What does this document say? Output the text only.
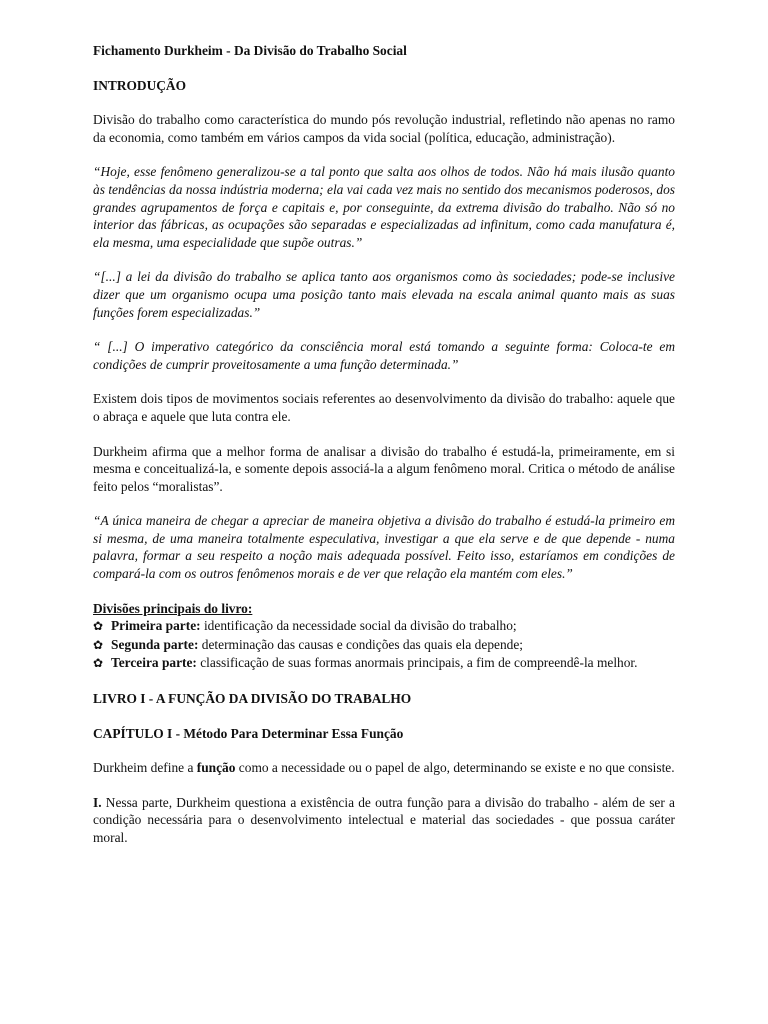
Fichamento Durkheim - Da Divisão do Trabalho Social
INTRODUÇÃO

Divisão do trabalho como característica do mundo pós revolução industrial, refletindo não apenas no ramo da economia, como também em vários campos da vida social (política, educação, administração).

“Hoje, esse fenômeno generalizou-se a tal ponto que salta aos olhos de todos. Não há mais ilusão quanto às tendências da nossa indústria moderna; ela vai cada vez mais no sentido dos mecanismos poderosos, dos grandes agrupamentos de força e capitais e, por conseguinte, da extrema divisão do trabalho. Não só no interior das fábricas, as ocupações são separadas e especializadas ad infinitum, como cada manufatura é, ela mesma, uma especialidade que supõe outras.”

“[...] a lei da divisão do trabalho se aplica tanto aos organismos como às sociedades; pode-se inclusive dizer que um organismo ocupa uma posição tanto mais elevada na escala animal quanto mais as suas funções forem especializadas.”

“ [...] O imperativo categórico da consciência moral está tomando a seguinte forma: Coloca-te em condições de cumprir proveitosamente a uma função determinada.”

Existem dois tipos de movimentos sociais referentes ao desenvolvimento da divisão do trabalho: aquele que o abraça e aquele que luta contra ele.

Durkheim afirma que a melhor forma de analisar a divisão do trabalho é estudá-la, primeiramente, em si mesma e conceitualizá-la, e somente depois associá-la a algum fenômeno moral. Critica o método de análise feito pelos “moralistas”.

“A única maneira de chegar a apreciar de maneira objetiva a divisão do trabalho é estudá-la primeiro em si mesma, de uma maneira totalmente especulativa, investigar a que ela serve e de que depende - numa palavra, formar a seu respeito a noção mais adequada possível. Feito isso, estaríamos em condições de compará-la com os outros fenômenos morais e de ver que relação ela mantém com eles.”

Divisões principais do livro:
✿ Primeira parte: identificação da necessidade social da divisão do trabalho;
✿ Segunda parte: determinação das causas e condições das quais ela depende;
✿ Terceira parte: classificação de suas formas anormais principais, a fim de compreendê-la melhor.
LIVRO I - A FUNÇÃO DA DIVISÃO DO TRABALHO
CAPÍTULO I - Método Para Determinar Essa Função

Durkheim define a função como a necessidade ou o papel de algo, determinando se existe e no que consiste.

I. Nessa parte, Durkheim questiona a existência de outra função para a divisão do trabalho - além de ser a condição necessária para o desenvolvimento intelectual e material das sociedades - que possua caráter moral.
